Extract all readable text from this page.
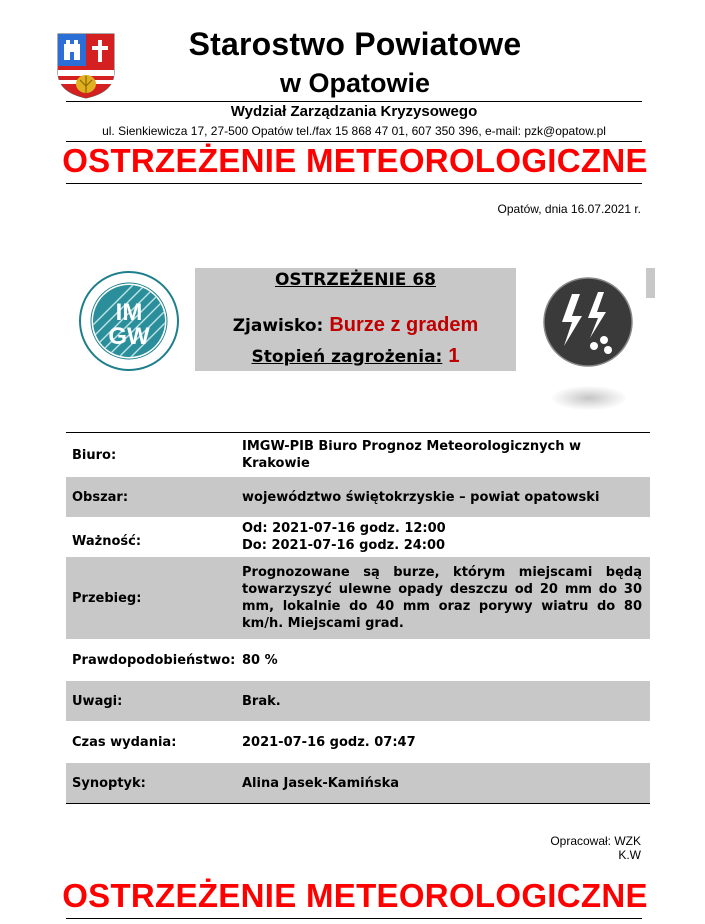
Starostwo Powiatowe
w Opatowie
Wydział Zarządzania Kryzysowego
ul. Sienkiewicza 17, 27-500 Opatów tel./fax 15 868 47 01, 607 350 396, e-mail: pzk@opatow.pl
OSTRZEŻENIE METEOROLOGICZNE
Opatów, dnia 16.07.2021 r.
IM
GW
OSTRZEŻENIE 68
Zjawisko: Burze z gradem
Stopień zagrożenia: 1
Biuro:
IMGW-PIB Biuro Prognoz Meteorologicznych w Krakowie
Obszar:	województwo świętokrzyskie – powiat opatowski
Ważność:
Od: 2021-07-16 godz. 12:00
Do: 2021-07-16 godz. 24:00
Przebieg:
Prognozowane są burze, którym miejscami będą towarzyszyć ulewne opady deszczu od 20 mm do 30 mm, lokalnie do 40 mm oraz porywy wiatru do 80 km/h. Miejscami grad.
Prawdopodobieństwo: 80 %
Uwagi:	Brak.
Czas wydania:	2021-07-16 godz. 07:47
Synoptyk:	Alina Jasek-Kamińska
Opracował: WZK
K.W
OSTRZEŻENIE METEOROLOGICZNE
